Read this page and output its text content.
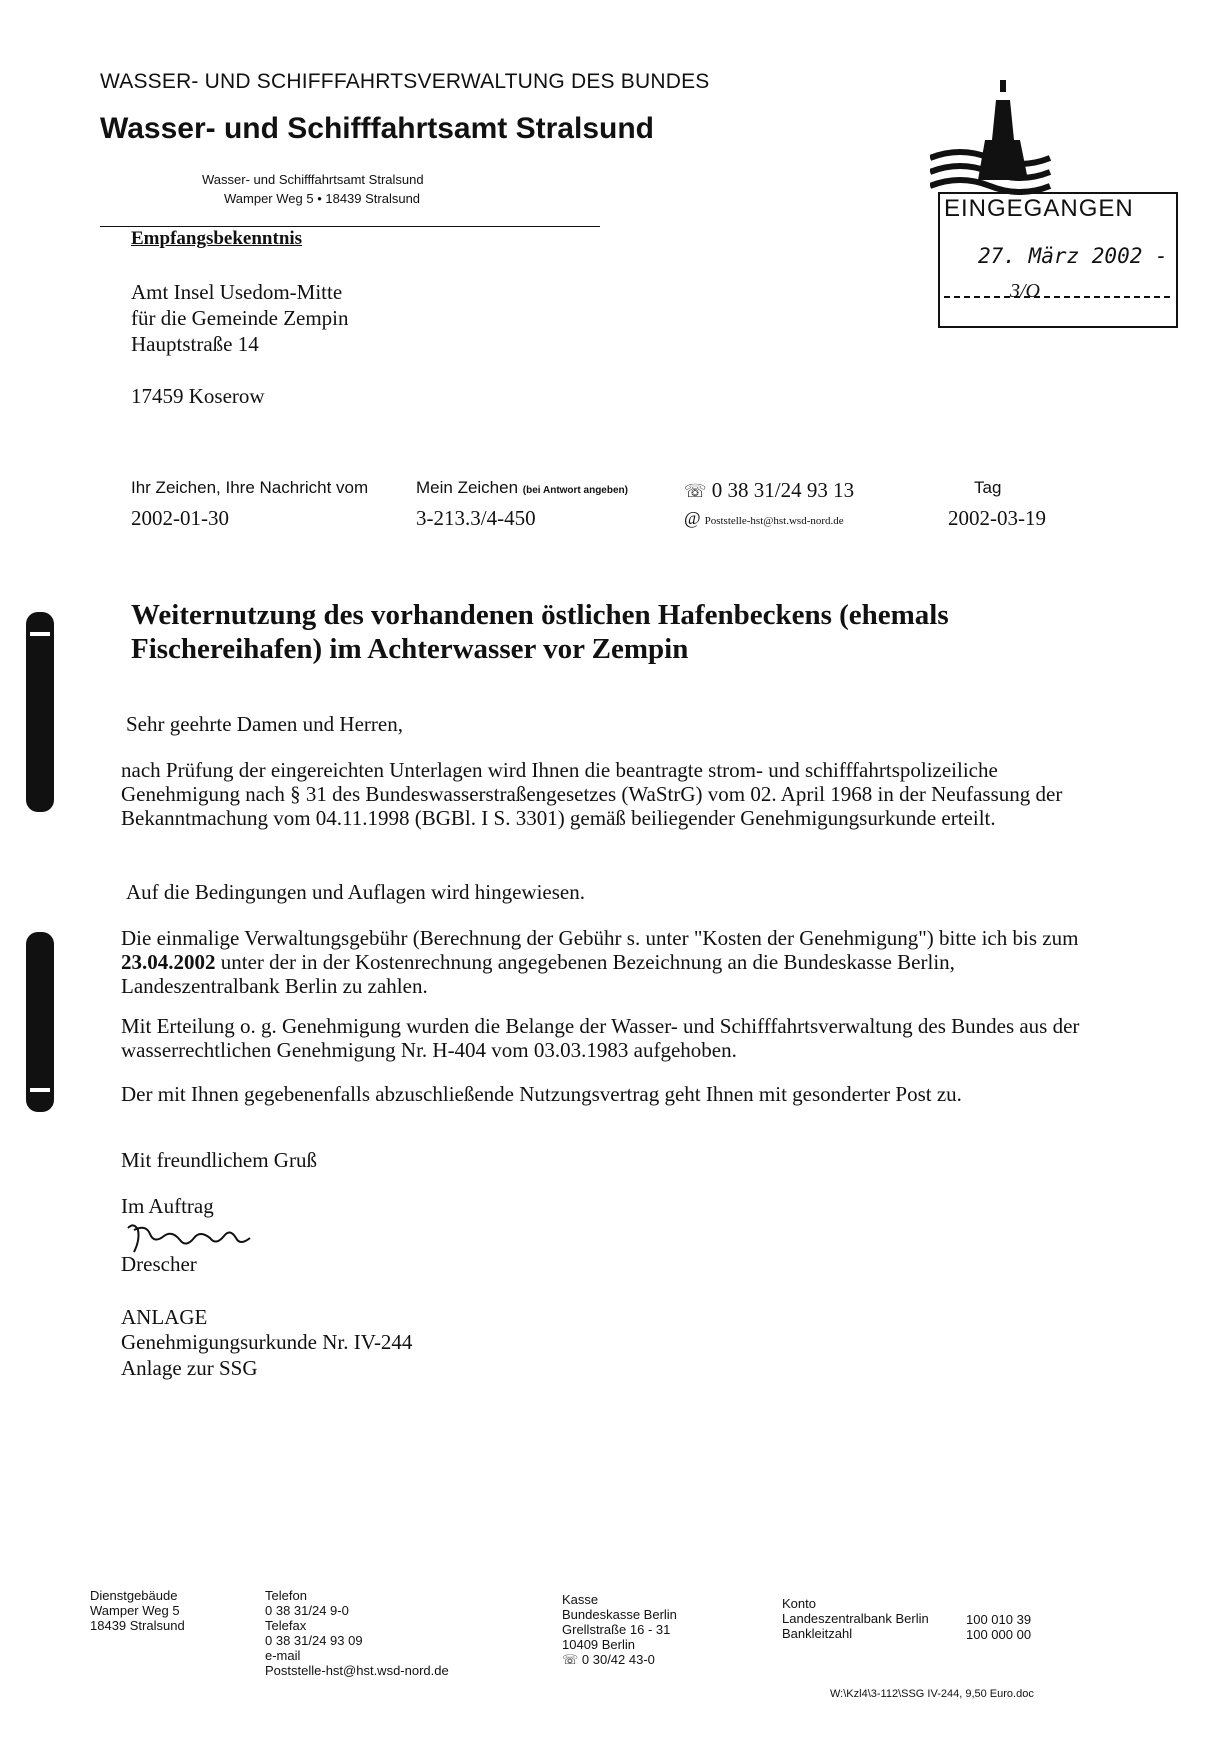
WASSER- UND SCHIFFFAHRTSVERWALTUNG DES BUNDES
Wasser- und Schifffahrtsamt Stralsund
Wasser- und Schifffahrtsamt Stralsund
Wamper Weg 5 • 18439 Stralsund
Empfangsbekenntnis
EINGEGANGEN
27. März 2002 -
3/O
Amt Insel Usedom-Mitte
für die Gemeinde Zempin
Hauptstraße 14
17459 Koserow
Ihr Zeichen, Ihre Nachricht vom
2002-01-30
Mein Zeichen (bei Antwort angeben)
3-213.3/4-450
☏ 0 38 31/24 93 13
@ Poststelle-hst@hst.wsd-nord.de
Tag
2002-03-19
Weiternutzung des vorhandenen östlichen Hafenbeckens (ehemals Fischereihafen) im Achterwasser vor Zempin
Sehr geehrte Damen und Herren,
nach Prüfung der eingereichten Unterlagen wird Ihnen die beantragte strom- und schifffahrtspolizeiliche Genehmigung nach § 31 des Bundeswasserstraßengesetzes (WaStrG) vom 02. April 1968 in der Neufassung der Bekanntmachung vom 04.11.1998 (BGBl. I S. 3301) gemäß beiliegender Genehmigungsurkunde erteilt.
Auf die Bedingungen und Auflagen wird hingewiesen.
Die einmalige Verwaltungsgebühr (Berechnung der Gebühr s. unter "Kosten der Genehmigung") bitte ich bis zum 23.04.2002 unter der in der Kostenrechnung angegebenen Bezeichnung an die Bundeskasse Berlin, Landeszentralbank Berlin zu zahlen.
Mit Erteilung o. g. Genehmigung wurden die Belange der Wasser- und Schifffahrtsverwaltung des Bundes aus der wasserrechtlichen Genehmigung Nr. H-404 vom 03.03.1983 aufgehoben.
Der mit Ihnen gegebenenfalls abzuschließende Nutzungsvertrag geht Ihnen mit gesonderter Post zu.
Mit freundlichem Gruß
Im Auftrag
Drescher
ANLAGE
Genehmigungsurkunde Nr. IV-244
Anlage zur SSG
Dienstgebäude
Wamper Weg 5
18439 Stralsund
Telefon
0 38 31/24 9-0
Telefax
0 38 31/24 93 09
e-mail
Poststelle-hst@hst.wsd-nord.de
Kasse
Bundeskasse Berlin
Grellstraße 16 - 31
10409 Berlin
☏ 0 30/42 43-0
Konto
Landeszentralbank Berlin
Bankleitzahl
100 010 39
100 000 00
W:\Kzl4\3-112\SSG IV-244, 9,50 Euro.doc
